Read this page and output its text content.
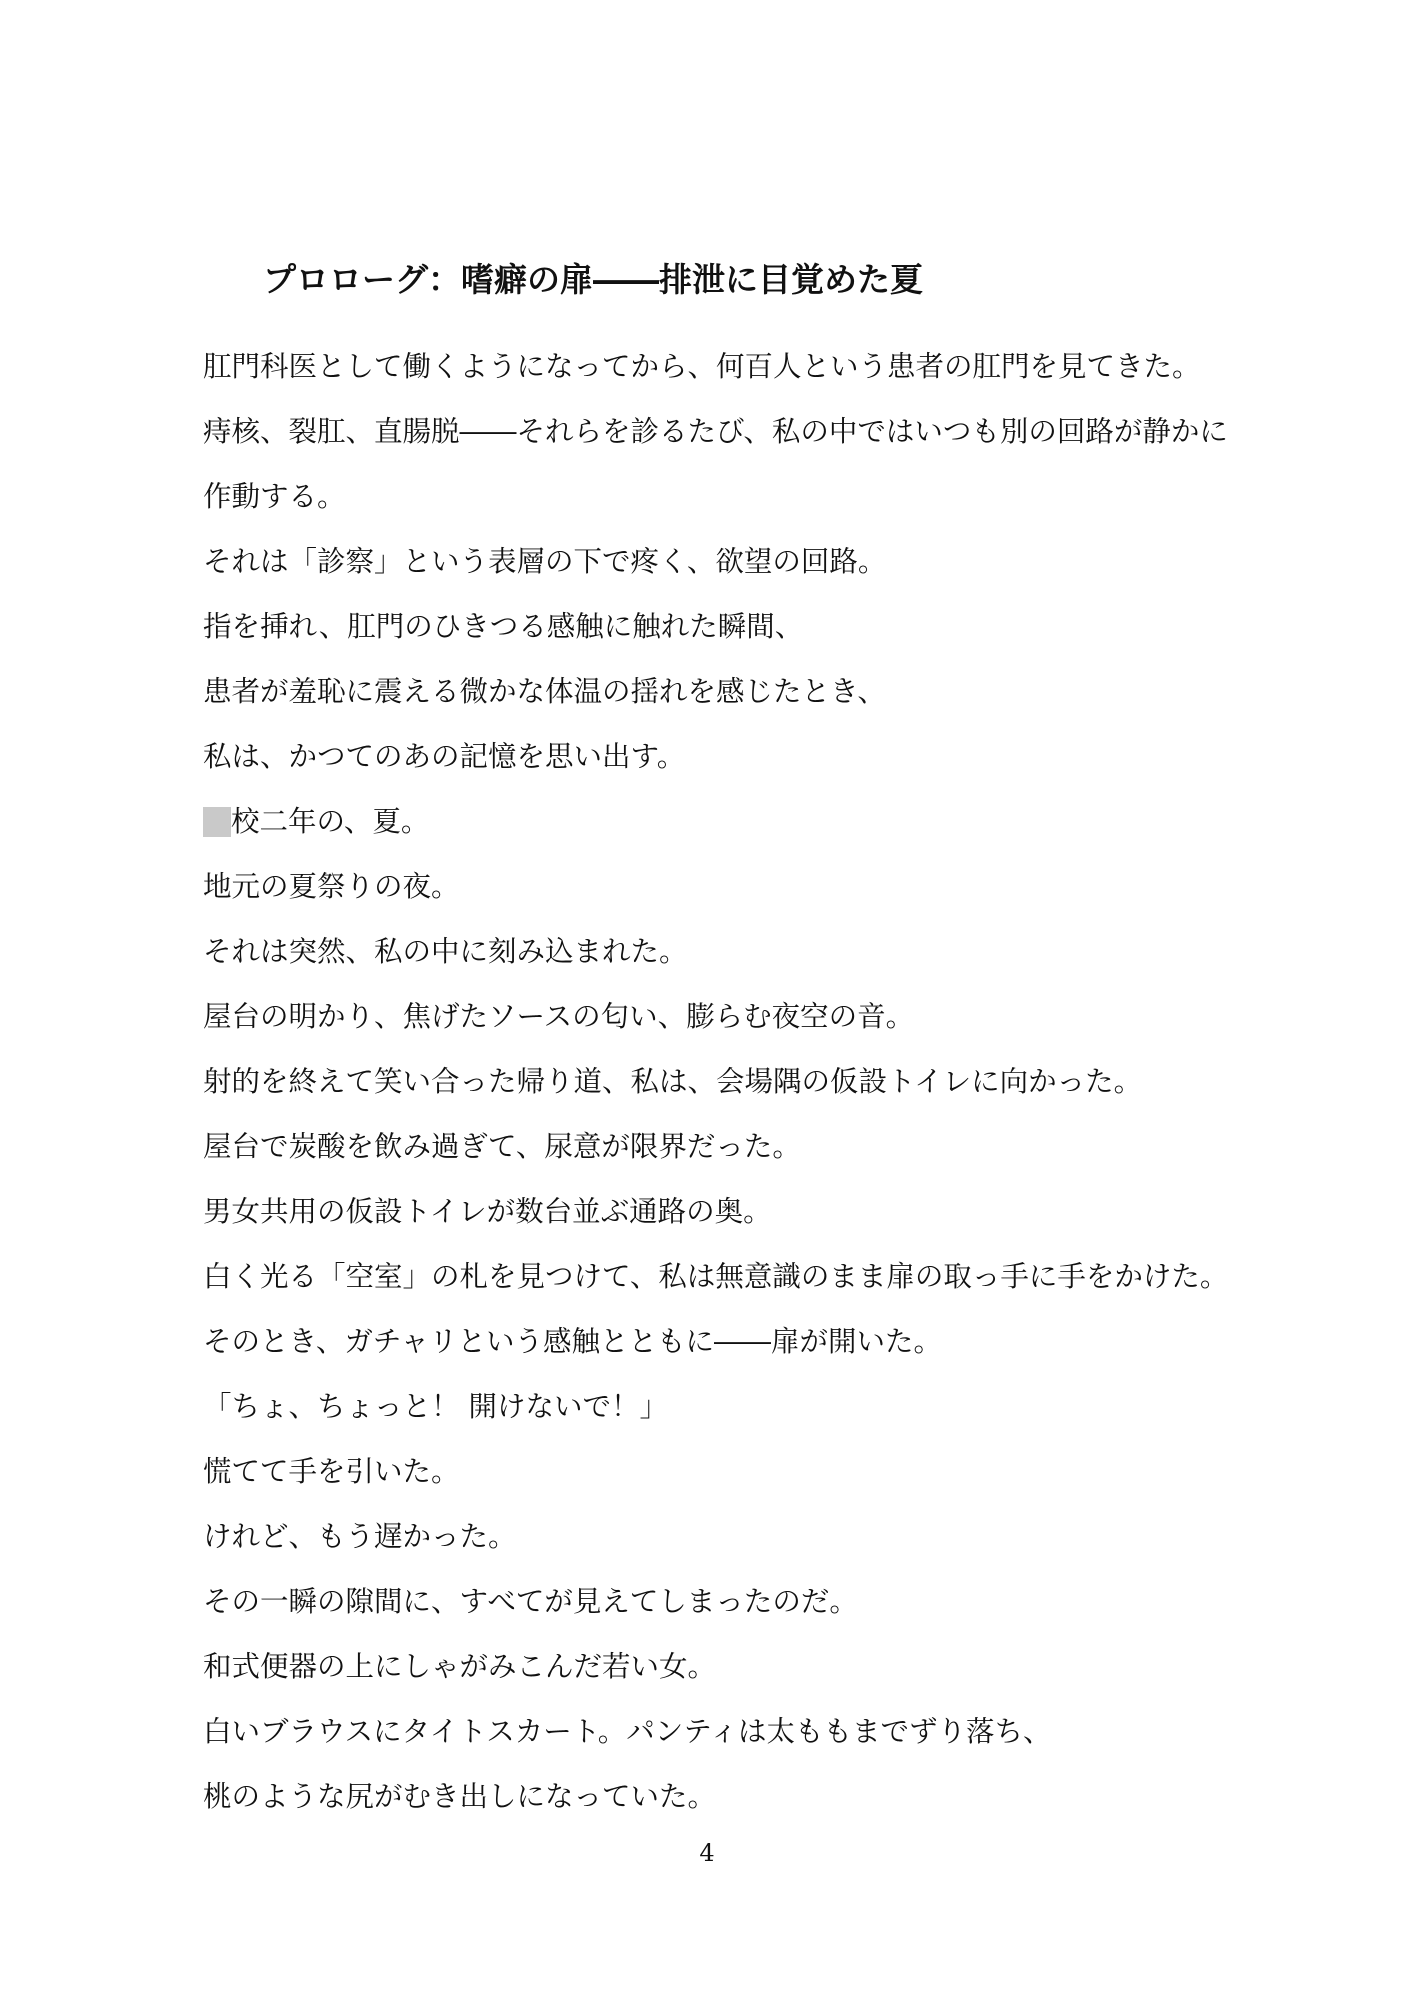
プロローグ：嗜癖の扉――排泄に目覚めた夏
肛門科医として働くようになってから、何百人という患者の肛門を見てきた。
痔核、裂肛、直腸脱――それらを診るたび、私の中ではいつも別の回路が静かに
作動する。
それは「診察」という表層の下で疼く、欲望の回路。
指を挿れ、肛門のひきつる感触に触れた瞬間、
患者が羞恥に震える微かな体温の揺れを感じたとき、
私は、かつてのあの記憶を思い出す。
校二年の、夏。
地元の夏祭りの夜。
それは突然、私の中に刻み込まれた。
屋台の明かり、焦げたソースの匂い、膨らむ夜空の音。
射的を終えて笑い合った帰り道、私は、会場隅の仮設トイレに向かった。
屋台で炭酸を飲み過ぎて、尿意が限界だった。
男女共用の仮設トイレが数台並ぶ通路の奥。
白く光る「空室」の札を見つけて、私は無意識のまま扉の取っ手に手をかけた。
そのとき、ガチャリという感触とともに――扉が開いた。
「ちょ、ちょっと！ 開けないで！」
慌てて手を引いた。
けれど、もう遅かった。
その一瞬の隙間に、すべてが見えてしまったのだ。
和式便器の上にしゃがみこんだ若い女。
白いブラウスにタイトスカート。パンティは太ももまでずり落ち、
桃のような尻がむき出しになっていた。
4
